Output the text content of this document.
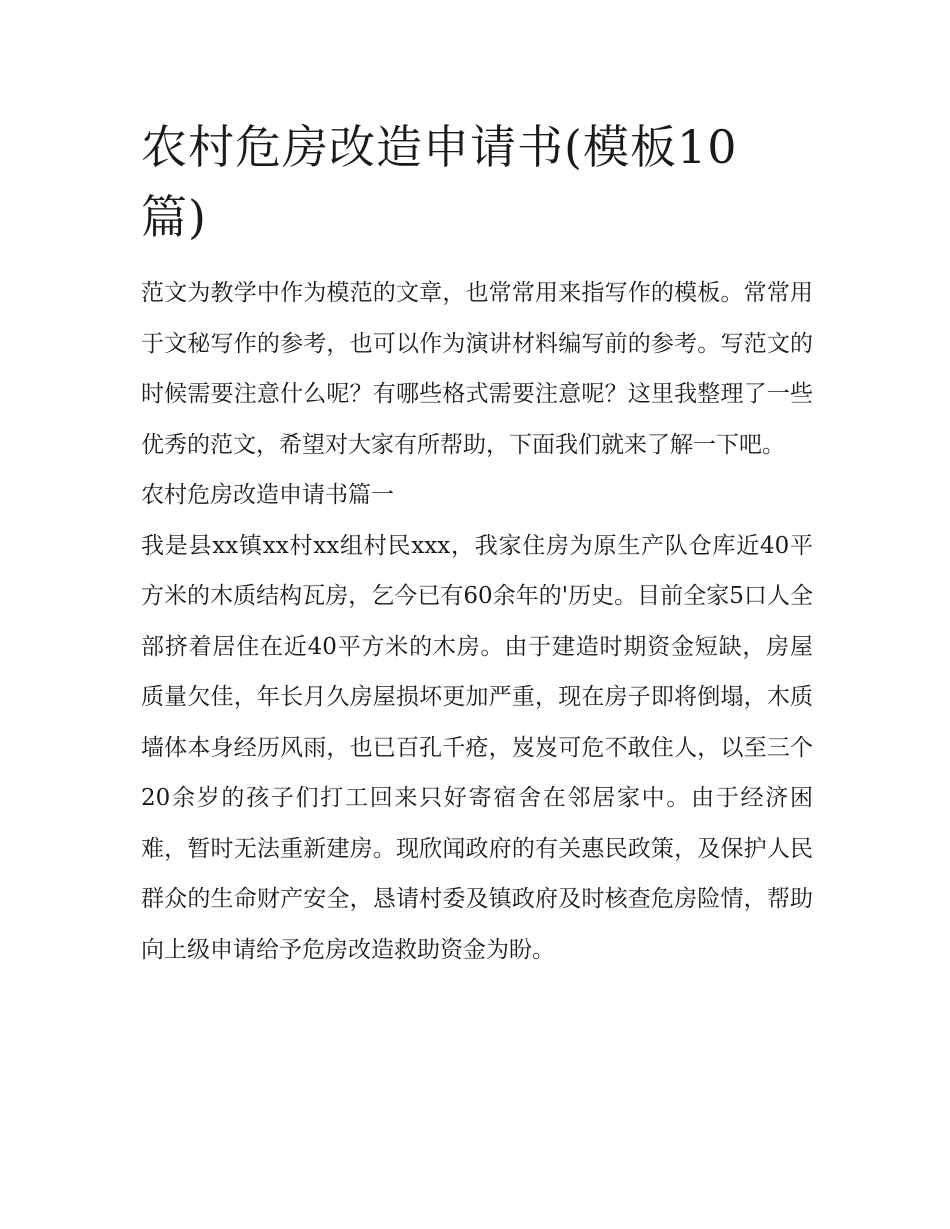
农村危房改造申请书(模板10篇)

范文为教学中作为模范的文章，也常常用来指写作的模板。常常用于文秘写作的参考，也可以作为演讲材料编写前的参考。写范文的时候需要注意什么呢？有哪些格式需要注意呢？这里我整理了一些优秀的范文，希望对大家有所帮助，下面我们就来了解一下吧。

农村危房改造申请书篇一

我是县xx镇xx村xx组村民xxx，我家住房为原生产队仓库近40平方米的木质结构瓦房，乞今已有60余年的'历史。目前全家5口人全部挤着居住在近40平方米的木房。由于建造时期资金短缺，房屋质量欠佳，年长月久房屋损坏更加严重，现在房子即将倒塌，木质墙体本身经历风雨，也已百孔千疮，岌岌可危不敢住人，以至三个20余岁的孩子们打工回来只好寄宿舍在邻居家中。由于经济困难，暂时无法重新建房。现欣闻政府的有关惠民政策，及保护人民群众的生命财产安全，恳请村委及镇政府及时核查危房险情，帮助向上级申请给予危房改造救助资金为盼。
